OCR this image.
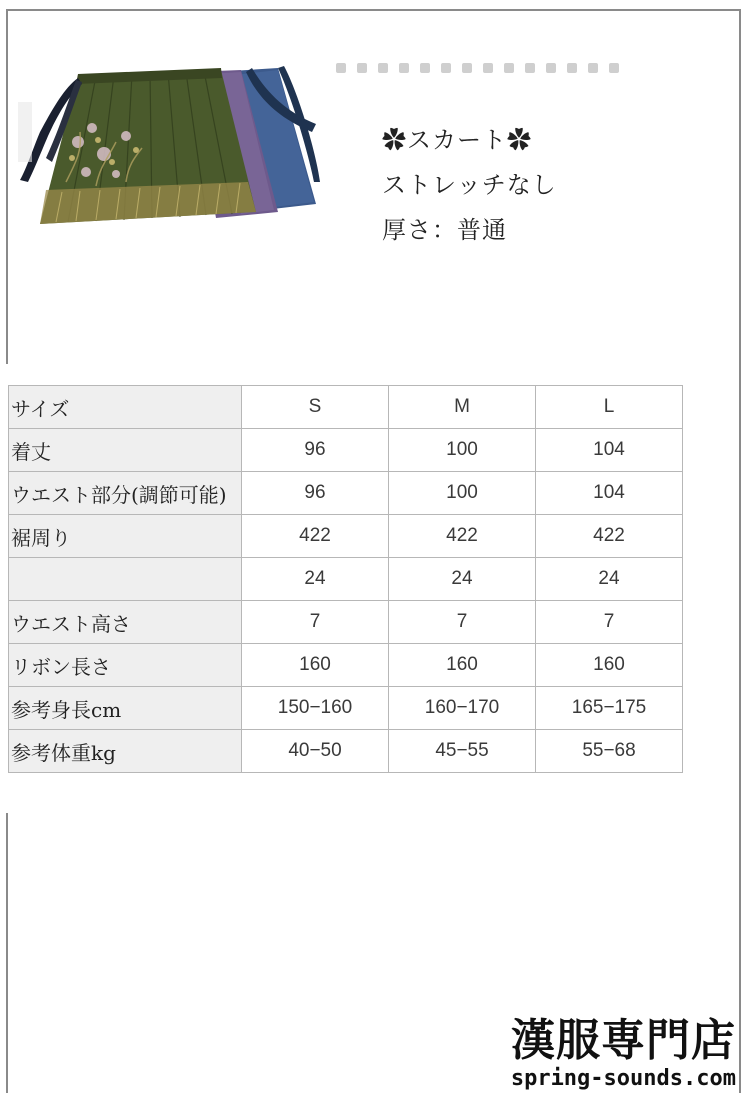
✿スカート✿
ストレッチなし
厚さ：普通
サイズ	S	M	L
着丈	96	100	104
ウエスト部分(調節可能)	96	100	104
裾周り	422	422	422
	24	24	24
ウエスト高さ	7	7	7
リボン長さ	160	160	160
参考身長cm	150−160	160−170	165−175
参考体重kg	40−50	45−55	55−68
漢服専門店
spring-sounds.com
